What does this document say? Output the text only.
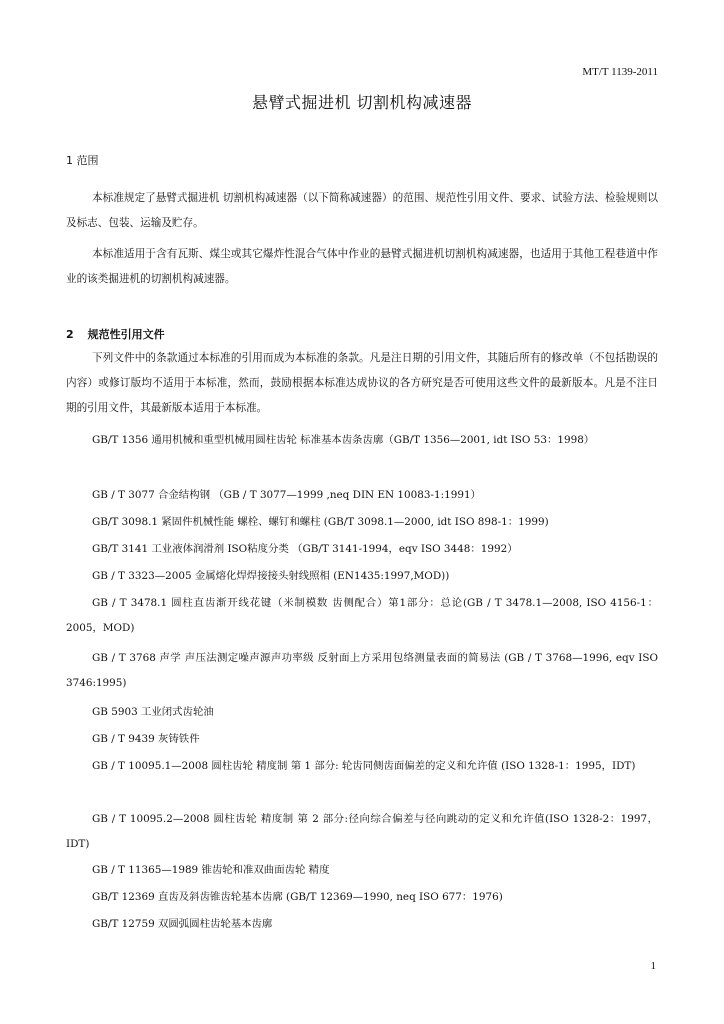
MT/T 1139-2011
悬臂式掘进机 切割机构减速器
1 范围
本标准规定了悬臂式掘进机 切割机构减速器（以下简称减速器）的范围、规范性引用文件、要求、试验方法、检验规则以及标志、包装、运输及贮存。
本标准适用于含有瓦斯、煤尘或其它爆炸性混合气体中作业的悬臂式掘进机切割机构减速器，也适用于其他工程巷道中作业的该类掘进机的切割机构减速器。
2 规范性引用文件
下列文件中的条款通过本标准的引用而成为本标准的条款。凡是注日期的引用文件，其随后所有的修改单（不包括勘误的内容）或修订版均不适用于本标准，然而，鼓励根据本标准达成协议的各方研究是否可使用这些文件的最新版本。凡是不注日期的引用文件，其最新版本适用于本标准。
GB/T 1356 通用机械和重型机械用圆柱齿轮 标准基本齿条齿廓（GB/T 1356—2001, idt ISO 53：1998）
GB / T 3077 合金结构钢 （GB / T 3077—1999 ,neq DIN EN 10083-1:1991）
GB/T 3098.1 紧固件机械性能 螺栓、螺钉和螺柱 (GB/T 3098.1—2000, idt ISO 898-1：1999)
GB/T 3141 工业液体润滑剂 ISO粘度分类 （GB/T 3141-1994，eqv ISO 3448：1992）
GB / T 3323—2005 金属熔化焊焊接接头射线照相 (EN1435:1997,MOD))
GB / T 3478.1 圆柱直齿渐开线花键（米制模数 齿侧配合）第1部分：总论(GB / T 3478.1—2008, ISO 4156-1：2005，MOD)
GB / T 3768 声学 声压法测定噪声源声功率级 反射面上方采用包络测量表面的简易法 (GB / T 3768—1996, eqv ISO 3746:1995)
GB 5903 工业闭式齿轮油
GB / T 9439 灰铸铁件
GB / T 10095.1—2008 圆柱齿轮 精度制 第 1 部分: 轮齿同侧齿面偏差的定义和允许值 (ISO 1328-1：1995，IDT)
GB / T 10095.2—2008 圆柱齿轮 精度制 第 2 部分:径向综合偏差与径向跳动的定义和允许值(ISO 1328-2：1997，IDT)
GB / T 11365—1989 锥齿轮和准双曲面齿轮 精度
GB/T 12369 直齿及斜齿锥齿轮基本齿廓 (GB/T 12369—1990, neq ISO 677：1976)
GB/T 12759 双圆弧圆柱齿轮基本齿廓
1
